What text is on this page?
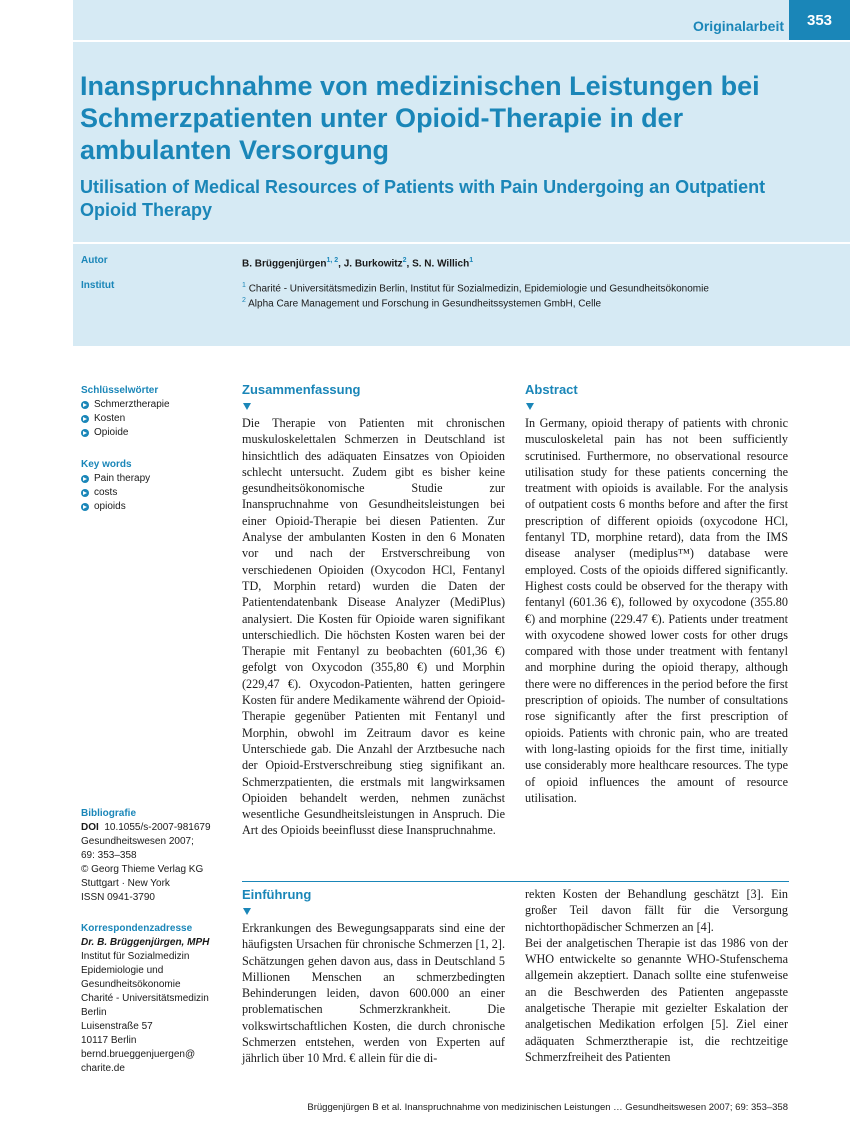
Originalarbeit	353
Inanspruchnahme von medizinischen Leistungen bei Schmerzpatienten unter Opioid-Therapie in der ambulanten Versorgung
Utilisation of Medical Resources of Patients with Pain Undergoing an Outpatient Opioid Therapy
Autor	B. Brüggenjürgen$^{1, 2}$, J. Burkowitz$^2$, S. N. Willich$^1$
Institut	$^1$ Charité - Universitätsmedizin Berlin, Institut für Sozialmedizin, Epidemiologie und Gesundheitsökonomie
$^2$ Alpha Care Management und Forschung in Gesundheitssystemen GmbH, Celle
Schlüsselwörter
Schmerztherapie
Kosten
Opioide
Key words
Pain therapy
costs
opioids
Bibliografie
DOI 10.1055/s-2007-981679
Gesundheitswesen 2007;
69: 353–358
© Georg Thieme Verlag KG
Stuttgart · New York
ISSN 0941-3790
Korrespondenzadresse
Dr. B. Brüggenjürgen, MPH
Institut für Sozialmedizin
Epidemiologie und
Gesundheitsökonomie
Charité - Universitätsmedizin
Berlin
Luisenstraße 57
10117 Berlin
bernd.brueggenjuergen@
charite.de
Zusammenfassung
Die Therapie von Patienten mit chronischen muskuloskelettalen Schmerzen in Deutschland ist hinsichtlich des adäquaten Einsatzes von Opioiden schlecht untersucht. Zudem gibt es bisher keine gesundheitsökonomische Studie zur Inanspruchnahme von Gesundheitsleistungen bei einer Opioid-Therapie bei diesen Patienten. Zur Analyse der ambulanten Kosten in den 6 Monaten vor und nach der Erstverschreibung von verschiedenen Opioiden (Oxycodon HCl, Fentanyl TD, Morphin retard) wurden die Daten der Patientendatenbank Disease Analyzer (MediPlus) analysiert. Die Kosten für Opioide waren signifikant unterschiedlich. Die höchsten Kosten waren bei der Therapie mit Fentanyl zu beobachten (601,36 €) gefolgt von Oxycodon (355,80 €) und Morphin (229,47 €). Oxycodon-Patienten, hatten geringere Kosten für andere Medikamente während der Opioid-Therapie gegenüber Patienten mit Fentanyl und Morphin, obwohl im Zeitraum davor es keine Unterschiede gab. Die Anzahl der Arztbesuche nach der Opioid-Erstverschreibung stieg signifikant an. Schmerzpatienten, die erstmals mit langwirksamen Opioiden behandelt werden, nehmen zunächst wesentliche Gesundheitsleistungen in Anspruch. Die Art des Opioids beeinflusst diese Inanspruchnahme.
Abstract
In Germany, opioid therapy of patients with chronic musculoskeletal pain has not been sufficiently scrutinised. Furthermore, no observational resource utilisation study for these patients concerning the treatment with opioids is available. For the analysis of outpatient costs 6 months before and after the first prescription of different opioids (oxycodone HCl, fentanyl TD, morphine retard), data from the IMS disease analyser (mediplus™) database were employed. Costs of the opioids differed significantly. Highest costs could be observed for the therapy with fentanyl (601.36 €), followed by oxycodone (355.80 €) and morphine (229.47 €). Patients under treatment with oxycodene showed lower costs for other drugs compared with those under treatment with fentanyl and morphine during the opioid therapy, although there were no differences in the period before the first prescription of opioids. The number of consultations rose significantly after the first prescription of opioids. Patients with chronic pain, who are treated with long-lasting opioids for the first time, initially use considerably more healthcare resources. The type of opioid influences the amount of resource utilisation.
Einführung
Erkrankungen des Bewegungsapparats sind eine der häufigsten Ursachen für chronische Schmerzen [1, 2]. Schätzungen gehen davon aus, dass in Deutschland 5 Millionen Menschen an schmerzbedingten Behinderungen leiden, davon 600.000 an einer problematischen Schmerzkrankheit. Die volkswirtschaftlichen Kosten, die durch chronische Schmerzen entstehen, werden von Experten auf jährlich über 10 Mrd. € allein für die di-

rekten Kosten der Behandlung geschätzt [3]. Ein großer Teil davon fällt für die Versorgung nichtorthopädischer Schmerzen an [4].

Bei der analgetischen Therapie ist das 1986 von der WHO entwickelte so genannte WHO-Stufenschema allgemein akzeptiert. Danach sollte eine stufenweise an die Beschwerden des Patienten angepasste analgetische Therapie mit gezielter Eskalation der analgetischen Medikation erfolgen [5]. Ziel einer adäquaten Schmerztherapie ist, die rechtzeitige Schmerzfreiheit des Patienten

Brüggenjürgen B et al. Inanspruchnahme von medizinischen Leistungen … Gesundheitswesen 2007; 69: 353–358
